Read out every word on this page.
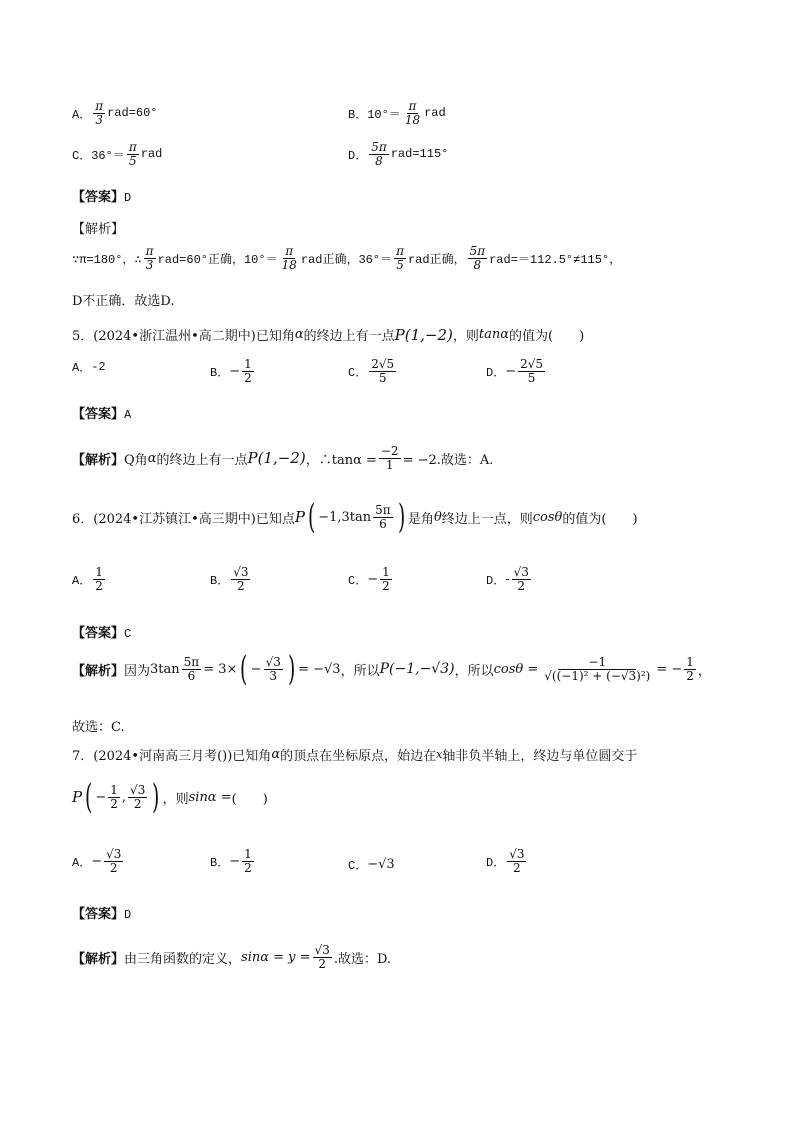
A． $\frac{\pi}{3} rad=60^\circ$	B． $10^\circ= \frac{\pi}{18}$ rad
C． $36^\circ= \frac{\pi}{5}$ rad	D． $\frac{5\pi}{8} rad=115^\circ$
【答案】D
【解析】
∵π=180°，∴ $\frac{\pi}{3} rad=60^\circ$正确，$10^\circ= \frac{\pi}{18}$ rad正确，$36^\circ= \frac{\pi}{5}$ rad正确， $\frac{5\pi}{8} rad==112.5^\circ\ne 115^\circ$，
D不正确．故选D.
5．(2024•浙江温州•高二期中)已知角 α 的终边上有一点 P(1,−2) ，则 tanα 的值为(　　)
A． -2	B． − $\frac{1}{2}$	C． $\frac{2√5}{5}$	D． − $\frac{2√5}{5}$
【答案】A
【解析】 Q角 α 的终边上有一点 P(1,−2) ，∴tanα = $\frac{-2}{1} = -2$.故选：A.
6．(2024•江苏镇江•高三期中)已知点 P ( $-1,3\tan \frac{5\pi}{6}$ ) 是角 θ 终边上一点，则 cosθ 的值为(　　)
A． $\frac{1}{2}$	B． $\frac{√3}{2}$	C． − $\frac{1}{2}$	D． - $\frac{√3}{2}$
【答案】C
【解析】 因为 $3\tan \frac{5\pi}{6} = 3\times$ ( − $\frac{√3}{3}$ ) = −√3 ，所以 P(−1,−√3) ，所以 $\cos\theta = \frac{-1}{\text{√((−1)² + (−√3)²)}}$ = − $\frac{1}{2}$ ，
故选：C.
7．(2024•河南高三月考())已知角 α 的顶点在坐标原点，始边在 x 轴非负半轴上，终边与单位圆交于
P ( − $\frac{1}{2}$ , $\frac{√3}{2}$ ) ，则 sinα = (　　)
A． − $\frac{√3}{2}$	B． − $\frac{1}{2}$	C． −√3	D． $\frac{√3}{2}$
【答案】D
【解析】 由三角函数的定义， $\sin\alpha = y = \frac{√3}{2}$ .故选：D.
